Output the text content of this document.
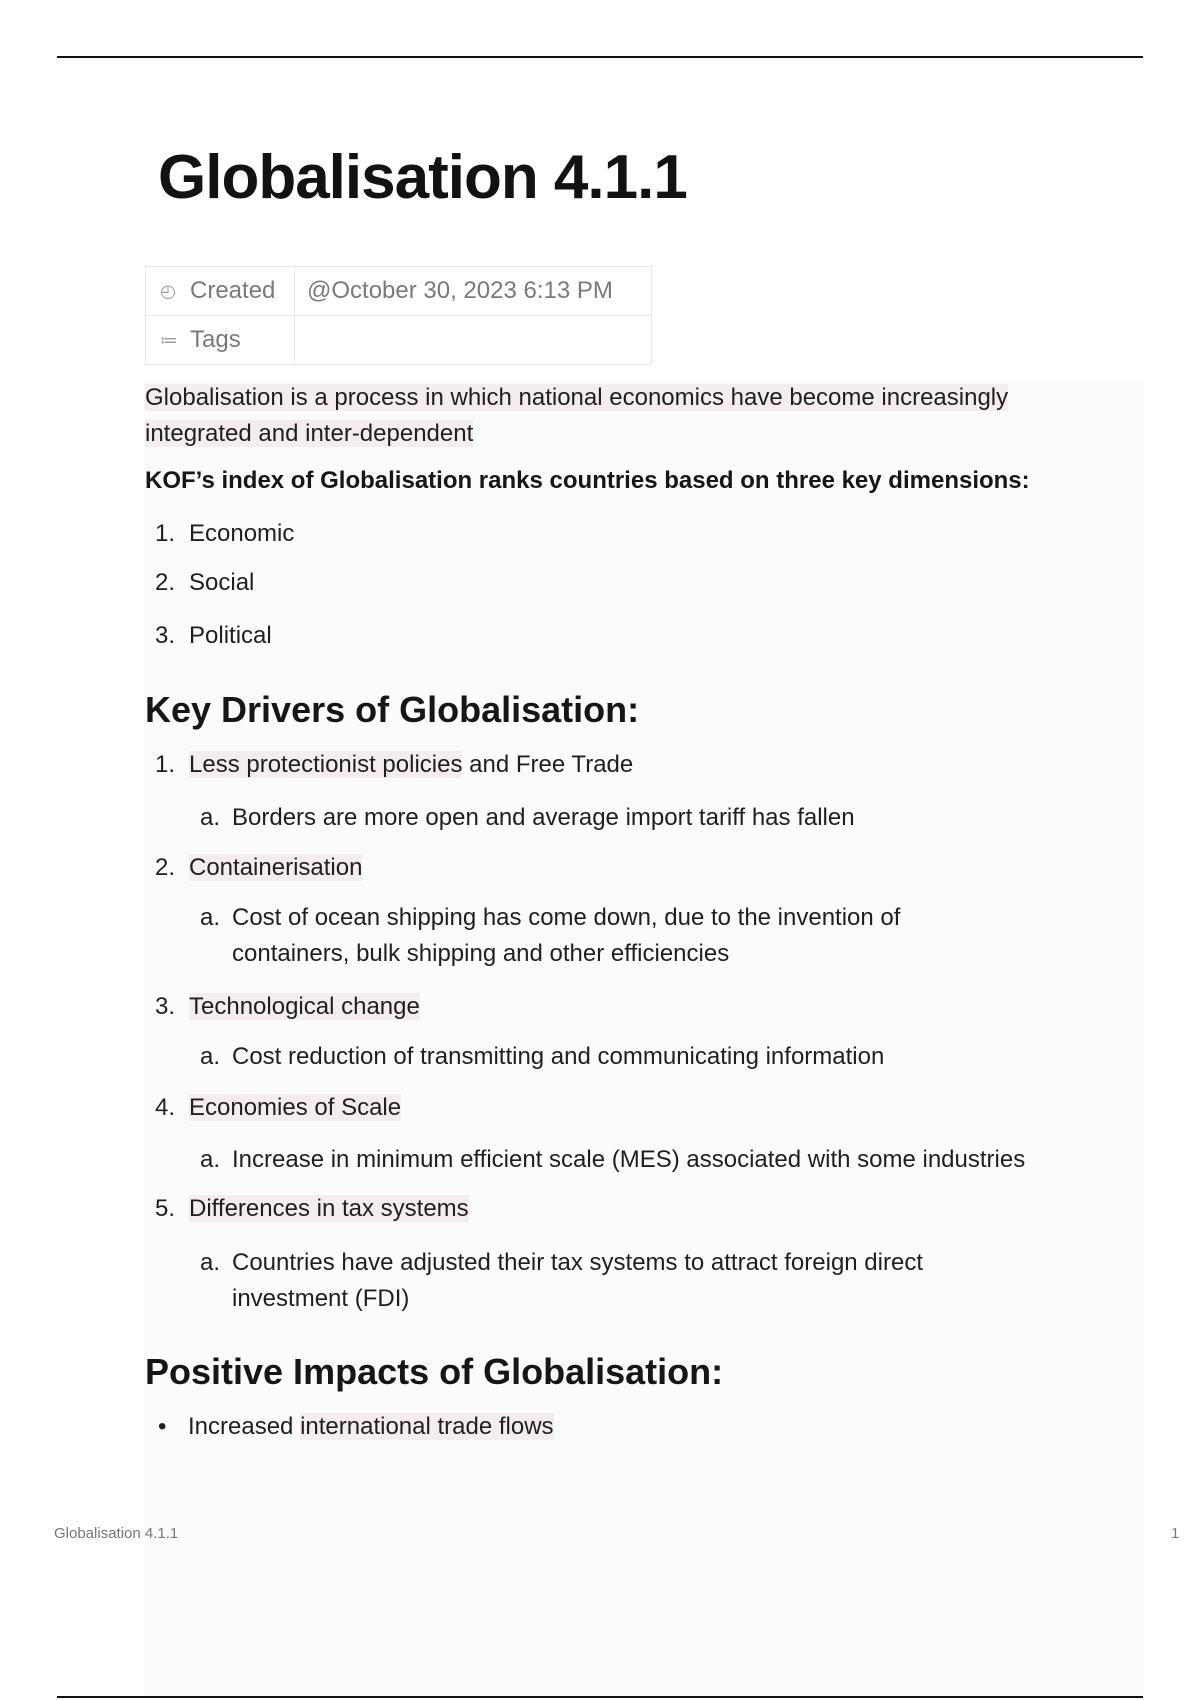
Globalisation 4.1.1
◴ Created	@October 30, 2023 6:13 PM
≔ Tags	

Globalisation is a process in which national economics have become increasingly integrated and inter-dependent

KOF’s index of Globalisation ranks countries based on three key dimensions:

1. Economic
2. Social
3. Political
Key Drivers of Globalisation:
1. Less protectionist policies and Free Trade
a. Borders are more open and average import tariff has fallen
2. Containerisation
a. Cost of ocean shipping has come down, due to the invention of containers, bulk shipping and other efficiencies
3. Technological change
a. Cost reduction of transmitting and communicating information
4. Economies of Scale
a. Increase in minimum efficient scale (MES) associated with some industries
5. Differences in tax systems
a. Countries have adjusted their tax systems to attract foreign direct investment (FDI)
Positive Impacts of Globalisation:
• Increased international trade flows
Globalisation 4.1.1	1
